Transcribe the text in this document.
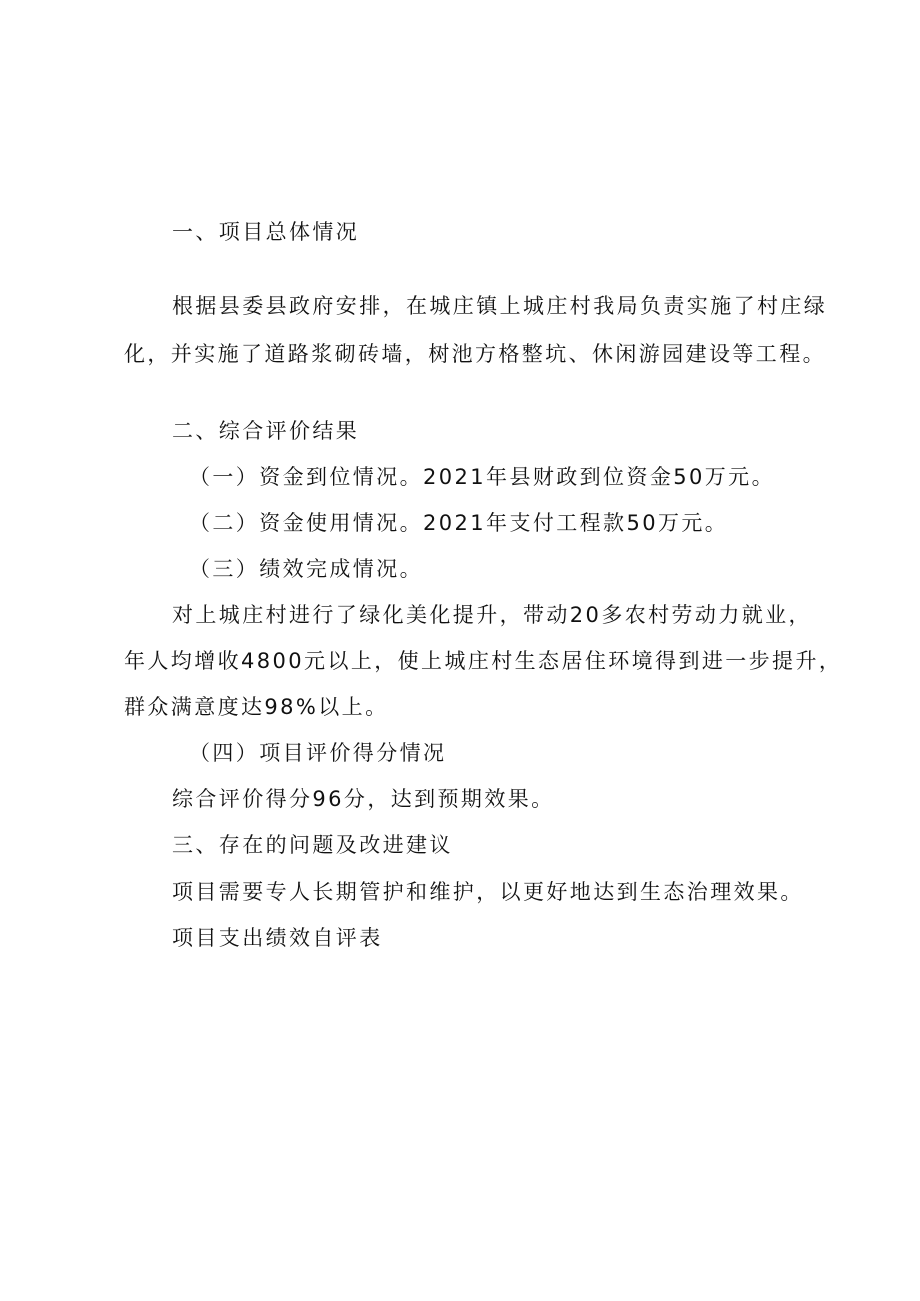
一、项目总体情况
根据县委县政府安排，在城庄镇上城庄村我局负责实施了村庄绿
化，并实施了道路浆砌砖墙，树池方格整坑、休闲游园建设等工程。
二、综合评价结果
（一）资金到位情况。2021年县财政到位资金50万元。
（二）资金使用情况。2021年支付工程款50万元。
（三）绩效完成情况。
对上城庄村进行了绿化美化提升，带动20多农村劳动力就业，
年人均增收4800元以上，使上城庄村生态居住环境得到进一步提升，
群众满意度达98%以上。
（四）项目评价得分情况
综合评价得分96分，达到预期效果。
三、存在的问题及改进建议
项目需要专人长期管护和维护，以更好地达到生态治理效果。
项目支出绩效自评表
